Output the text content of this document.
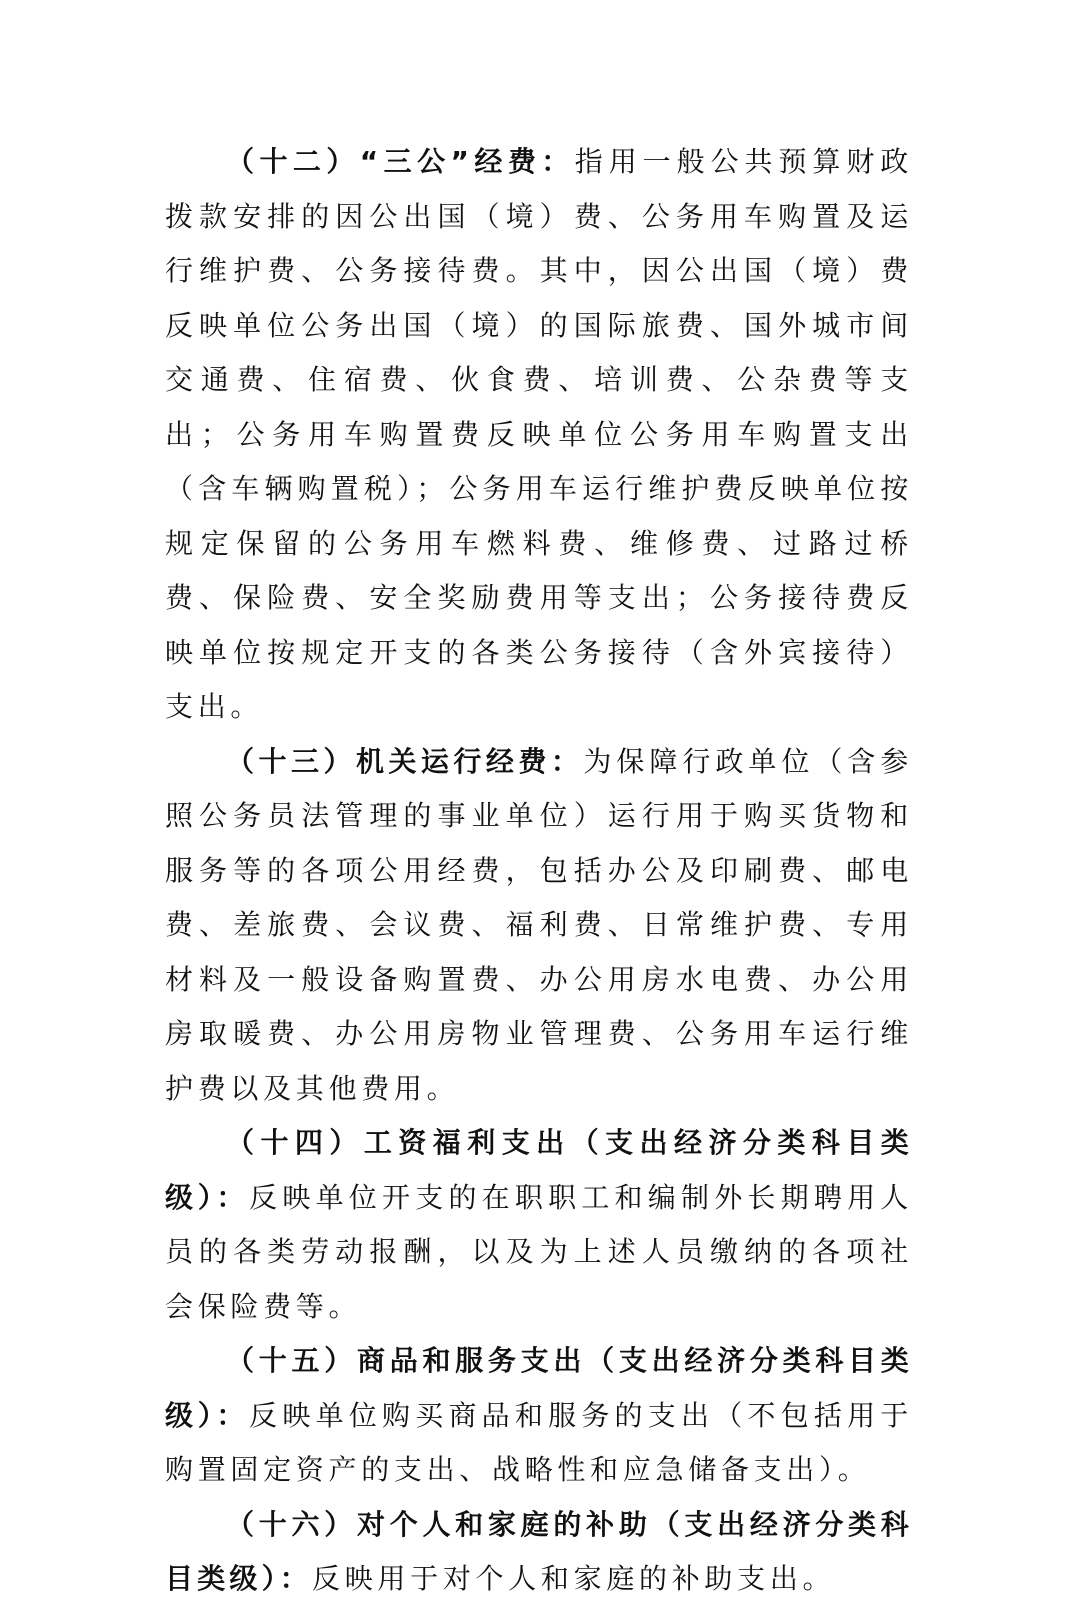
（十二）“三公”经费：指用一般公共预算财政拨款安排的因公出国（境）费、公务用车购置及运行维护费、公务接待费。其中，因公出国（境）费反映单位公务出国（境）的国际旅费、国外城市间交通费、住宿费、伙食费、培训费、公杂费等支出；公务用车购置费反映单位公务用车购置支出（含车辆购置税）；公务用车运行维护费反映单位按规定保留的公务用车燃料费、维修费、过路过桥费、保险费、安全奖励费用等支出；公务接待费反映单位按规定开支的各类公务接待（含外宾接待）支出。

（十三）机关运行经费：为保障行政单位（含参照公务员法管理的事业单位）运行用于购买货物和服务等的各项公用经费，包括办公及印刷费、邮电费、差旅费、会议费、福利费、日常维护费、专用材料及一般设备购置费、办公用房水电费、办公用房取暖费、办公用房物业管理费、公务用车运行维护费以及其他费用。

（十四）工资福利支出（支出经济分类科目类级）：反映单位开支的在职职工和编制外长期聘用人员的各类劳动报酬，以及为上述人员缴纳的各项社会保险费等。

（十五）商品和服务支出（支出经济分类科目类级）：反映单位购买商品和服务的支出（不包括用于购置固定资产的支出、战略性和应急储备支出）。

（十六）对个人和家庭的补助（支出经济分类科目类级）：反映用于对个人和家庭的补助支出。
